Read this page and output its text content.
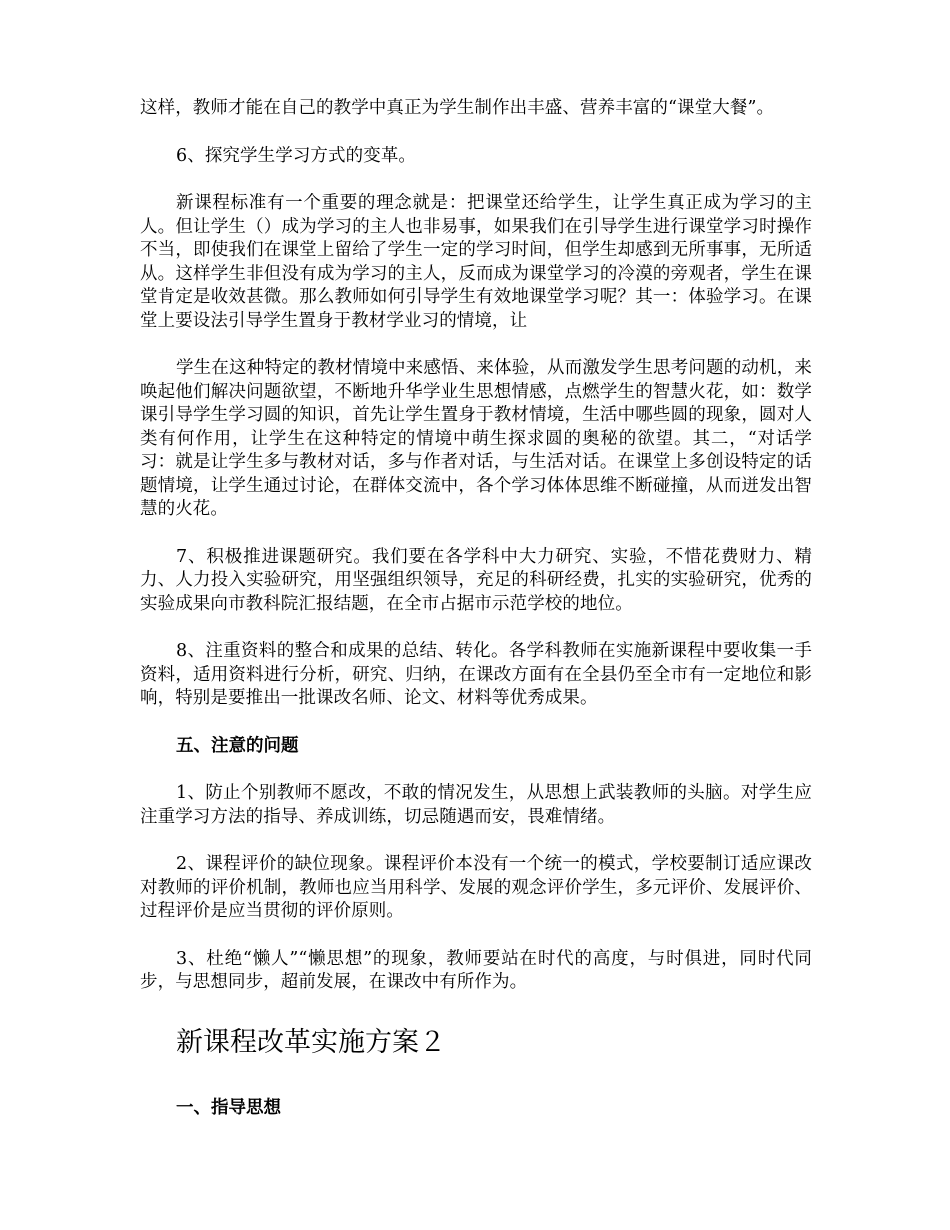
这样，教师才能在自己的教学中真正为学生制作出丰盛、营养丰富的“课堂大餐”。

6、探究学生学习方式的变革。

新课程标准有一个重要的理念就是：把课堂还给学生，让学生真正成为学习的主人。但让学生（）成为学习的主人也非易事，如果我们在引导学生进行课堂学习时操作不当，即使我们在课堂上留给了学生一定的学习时间，但学生却感到无所事事，无所适从。这样学生非但没有成为学习的主人，反而成为课堂学习的冷漠的旁观者，学生在课堂肯定是收效甚微。那么教师如何引导学生有效地课堂学习呢？其一：体验学习。在课堂上要设法引导学生置身于教材学业习的情境，让

学生在这种特定的教材情境中来感悟、来体验，从而激发学生思考问题的动机，来唤起他们解决问题欲望，不断地升华学业生思想情感，点燃学生的智慧火花，如：数学课引导学生学习圆的知识，首先让学生置身于教材情境，生活中哪些圆的现象，圆对人类有何作用，让学生在这种特定的情境中萌生探求圆的奥秘的欲望。其二，“对话学习：就是让学生多与教材对话，多与作者对话，与生活对话。在课堂上多创设特定的话题情境，让学生通过讨论，在群体交流中，各个学习体体思维不断碰撞，从而迸发出智慧的火花。

7、积极推进课题研究。我们要在各学科中大力研究、实验，不惜花费财力、精力、人力投入实验研究，用坚强组织领导，充足的科研经费，扎实的实验研究，优秀的实验成果向市教科院汇报结题，在全市占据市示范学校的地位。

8、注重资料的整合和成果的总结、转化。各学科教师在实施新课程中要收集一手资料，适用资料进行分析，研究、归纳，在课改方面有在全县仍至全市有一定地位和影响，特别是要推出一批课改名师、论文、材料等优秀成果。

五、注意的问题

1、防止个别教师不愿改，不敢的情况发生，从思想上武装教师的头脑。对学生应注重学习方法的指导、养成训练，切忌随遇而安，畏难情绪。

2、课程评价的缺位现象。课程评价本没有一个统一的模式，学校要制订适应课改对教师的评价机制，教师也应当用科学、发展的观念评价学生，多元评价、发展评价、过程评价是应当贯彻的评价原则。

3、杜绝“懒人”“懒思想”的现象，教师要站在时代的高度，与时俱进，同时代同步，与思想同步，超前发展，在课改中有所作为。

新课程改革实施方案２
一、指导思想
